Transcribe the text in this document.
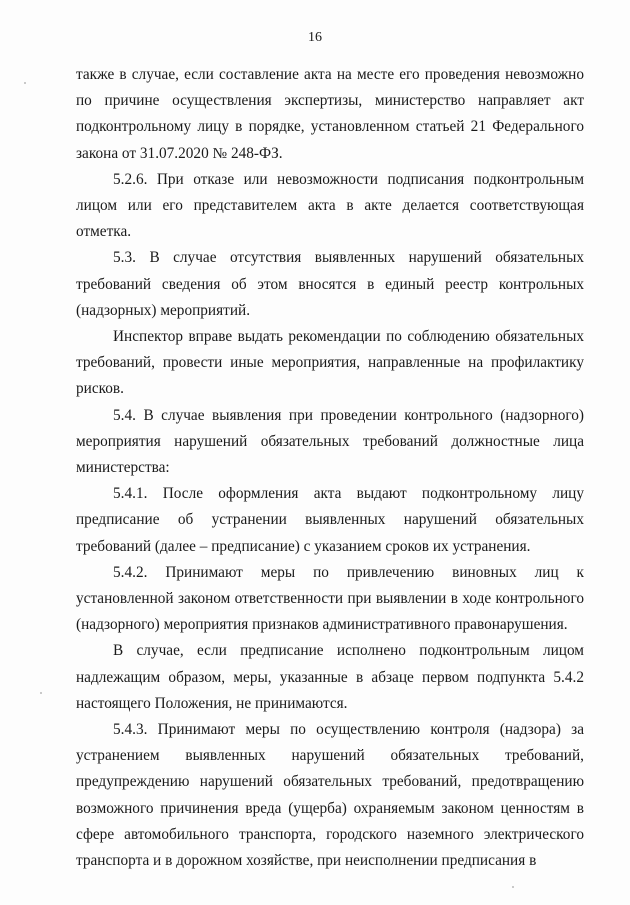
16

также в случае, если составление акта на месте его проведения невозможно по причине осуществления экспертизы, министерство направляет акт подконтрольному лицу в порядке, установленном статьей 21 Федерального закона от 31.07.2020 № 248-ФЗ.

5.2.6. При отказе или невозможности подписания подконтрольным лицом или его представителем акта в акте делается соответствующая отметка.

5.3. В случае отсутствия выявленных нарушений обязательных требований сведения об этом вносятся в единый реестр контрольных (надзорных) мероприятий.

Инспектор вправе выдать рекомендации по соблюдению обязательных требований, провести иные мероприятия, направленные на профилактику рисков.

5.4. В случае выявления при проведении контрольного (надзорного) мероприятия нарушений обязательных требований должностные лица министерства:

5.4.1. После оформления акта выдают подконтрольному лицу предписание об устранении выявленных нарушений обязательных требований (далее – предписание) с указанием сроков их устранения.

5.4.2. Принимают меры по привлечению виновных лиц к установленной законом ответственности при выявлении в ходе контрольного (надзорного) мероприятия признаков административного правонарушения.

В случае, если предписание исполнено подконтрольным лицом надлежащим образом, меры, указанные в абзаце первом подпункта 5.4.2 настоящего Положения, не принимаются.

5.4.3. Принимают меры по осуществлению контроля (надзора) за устранением выявленных нарушений обязательных требований, предупреждению нарушений обязательных требований, предотвращению возможного причинения вреда (ущерба) охраняемым законом ценностям в сфере автомобильного транспорта, городского наземного электрического транспорта и в дорожном хозяйстве, при неисполнении предписания в
